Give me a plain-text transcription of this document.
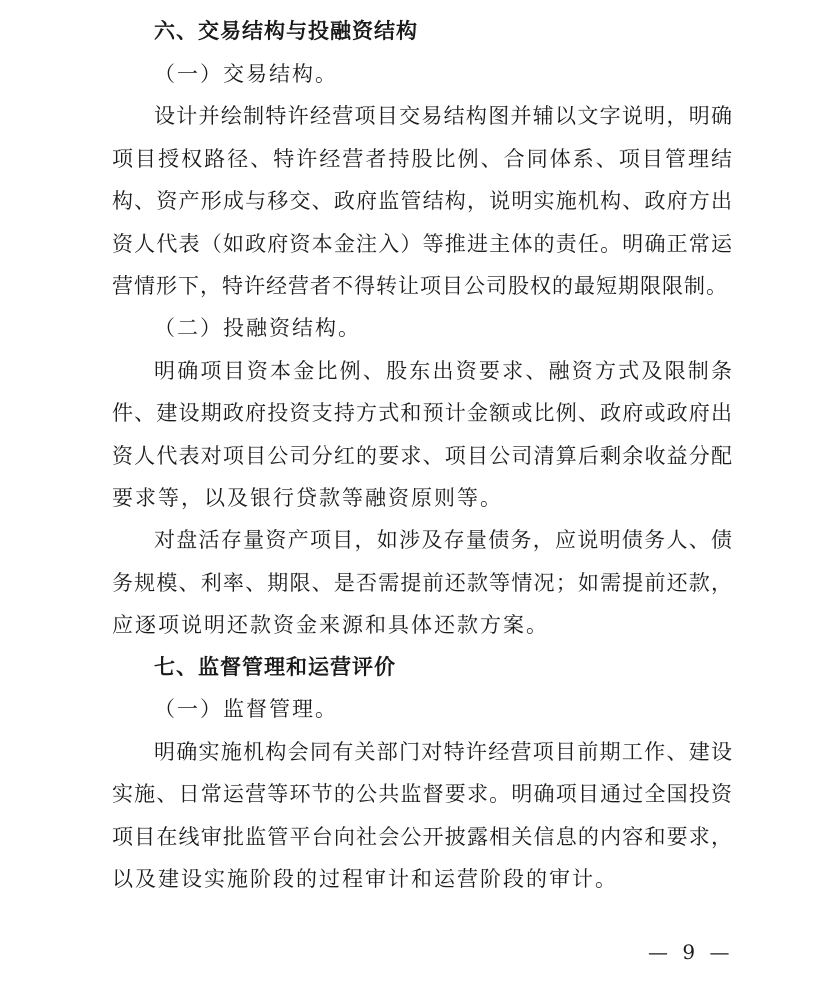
六、交易结构与投融资结构
（一）交易结构。
设计并绘制特许经营项目交易结构图并辅以文字说明，明确
项目授权路径、特许经营者持股比例、合同体系、项目管理结
构、资产形成与移交、政府监管结构，说明实施机构、政府方出
资人代表（如政府资本金注入）等推进主体的责任。明确正常运
营情形下，特许经营者不得转让项目公司股权的最短期限限制。
（二）投融资结构。
明确项目资本金比例、股东出资要求、融资方式及限制条
件、建设期政府投资支持方式和预计金额或比例、政府或政府出
资人代表对项目公司分红的要求、项目公司清算后剩余收益分配
要求等，以及银行贷款等融资原则等。
对盘活存量资产项目，如涉及存量债务，应说明债务人、债
务规模、利率、期限、是否需提前还款等情况；如需提前还款，
应逐项说明还款资金来源和具体还款方案。
七、监督管理和运营评价
（一）监督管理。
明确实施机构会同有关部门对特许经营项目前期工作、建设
实施、日常运营等环节的公共监督要求。明确项目通过全国投资
项目在线审批监管平台向社会公开披露相关信息的内容和要求，
以及建设实施阶段的过程审计和运营阶段的审计。
— 9 —
